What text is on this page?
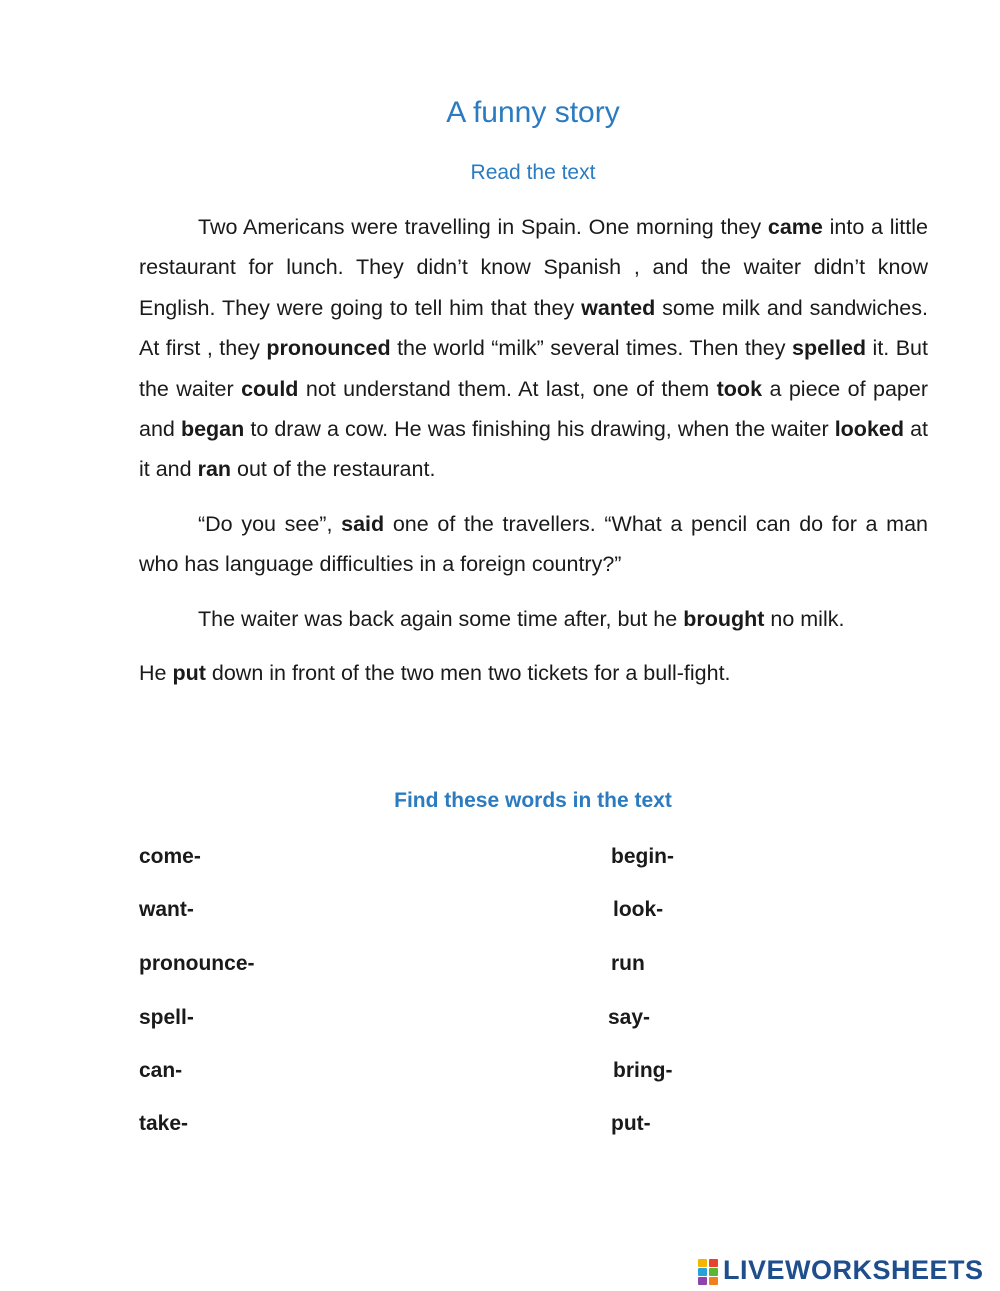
A funny story
Read the text

Two Americans were travelling in Spain. One morning they came into a little restaurant for lunch. They didn’t know Spanish , and the waiter didn’t know English. They were going to tell him that they wanted some milk and sandwiches. At first , they pronounced the world “milk” several times. Then they spelled it. But the waiter could not understand them. At last, one of them took a piece of paper and began to draw a cow. He was finishing his drawing, when the waiter looked at it and ran out of the restaurant.

“Do you see”, said one of the travellers. “What a pencil can do for a man who has language difficulties in a foreign country?”

The waiter was back again some time after, but he brought no milk.

He put down in front of the two men two tickets for a bull-fight.

Find these words in the text
come-
want-
pronounce-
spell-
can-
take-
begin-
look-
run
say-
bring-
put-
LIVEWORKSHEETS
